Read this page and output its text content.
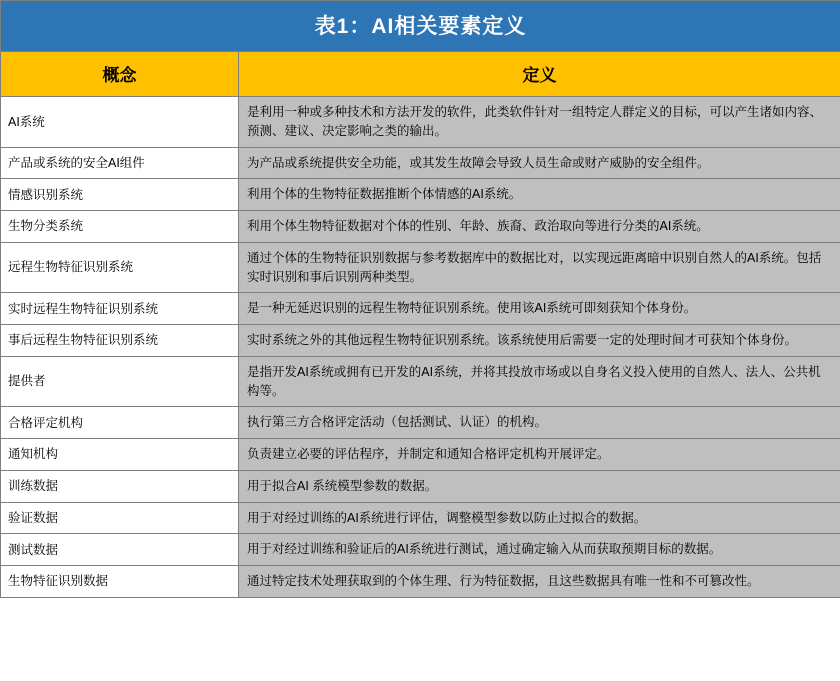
表1：AI相关要素定义	
概念	定义
AI系统	是利用一种或多种技术和方法开发的软件，此类软件针对一组特定人群定义的目标，可以产生诸如内容、预测、建议、决定影响之类的输出。
产品或系统的安全AI组件	为产品或系统提供安全功能，或其发生故障会导致人员生命或财产威胁的安全组件。
情感识别系统	利用个体的生物特征数据推断个体情感的AI系统。
生物分类系统	利用个体生物特征数据对个体的性别、年龄、族裔、政治取向等进行分类的AI系统。
远程生物特征识别系统	通过个体的生物特征识别数据与参考数据库中的数据比对，以实现远距离暗中识别自然人的AI系统。包括实时识别和事后识别两种类型。
实时远程生物特征识别系统	是一种无延迟识别的远程生物特征识别系统。使用该AI系统可即刻获知个体身份。
事后远程生物特征识别系统	实时系统之外的其他远程生物特征识别系统。该系统使用后需要一定的处理时间才可获知个体身份。
提供者	是指开发AI系统或拥有已开发的AI系统，并将其投放市场或以自身名义投入使用的自然人、法人、公共机构等。
合格评定机构	执行第三方合格评定活动（包括测试、认证）的机构。
通知机构	负责建立必要的评估程序，并制定和通知合格评定机构开展评定。
训练数据	用于拟合AI 系统模型参数的数据。
验证数据	用于对经过训练的AI系统进行评估，调整模型参数以防止过拟合的数据。
测试数据	用于对经过训练和验证后的AI系统进行测试，通过确定输入从而获取预期目标的数据。
生物特征识别数据	通过特定技术处理获取到的个体生理、行为特征数据，且这些数据具有唯一性和不可篡改性。
